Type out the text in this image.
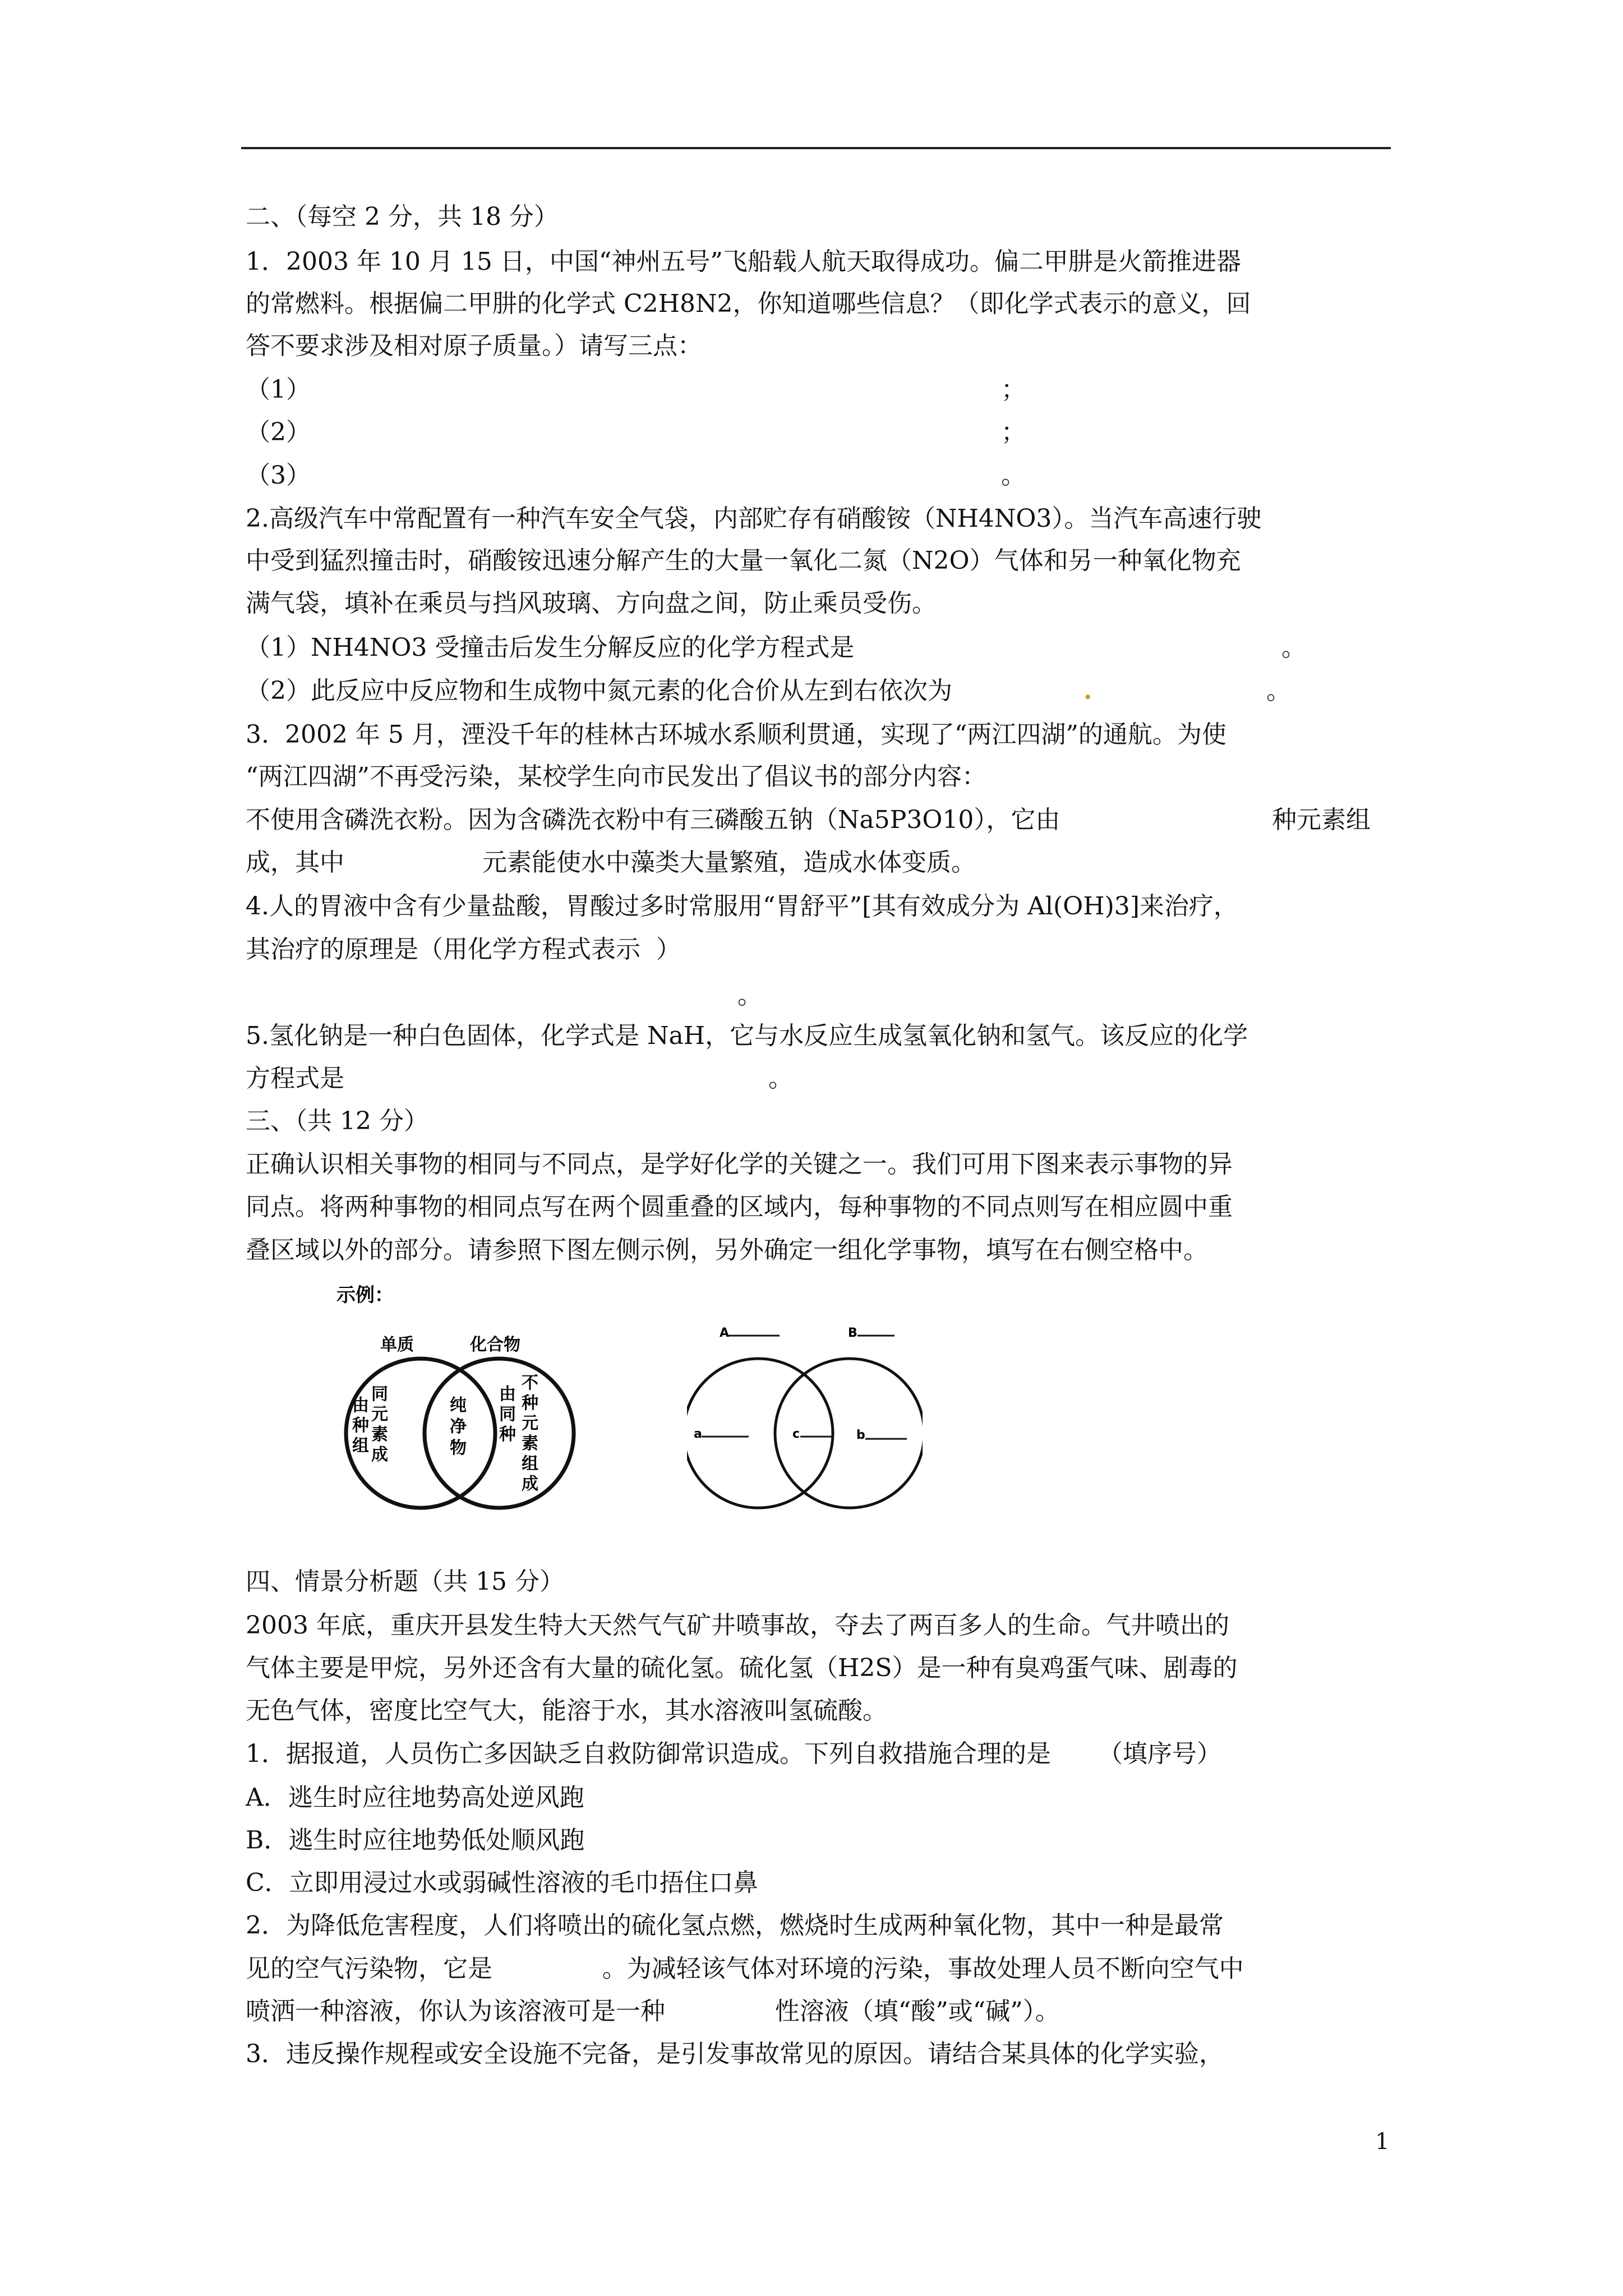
二、（每空 2 分，共 18 分）
1．2003 年 10 月 15 日，中国“神州五号”飞船载人航天取得成功。偏二甲肼是火箭推进器
的常燃料。根据偏二甲肼的化学式 C2H8N2，你知道哪些信息？（即化学式表示的意义，回
答不要求涉及相对原子质量。）请写三点：
（1）	；
（2）	；
（3）	。
2.高级汽车中常配置有一种汽车安全气袋，内部贮存有硝酸铵（NH4NO3）。当汽车高速行驶
中受到猛烈撞击时，硝酸铵迅速分解产生的大量一氧化二氮（N2O）气体和另一种氧化物充
满气袋，填补在乘员与挡风玻璃、方向盘之间，防止乘员受伤。
（1）NH4NO3 受撞击后发生分解反应的化学方程式是	。
（2）此反应中反应物和生成物中氮元素的化合价从左到右依次为	.	。
3.  2002 年 5 月，湮没千年的桂林古环城水系顺利贯通，实现了“两江四湖”的通航。为使
“两江四湖”不再受污染，某校学生向市民发出了倡议书的部分内容：
不使用含磷洗衣粉。因为含磷洗衣粉中有三磷酸五钠（Na5P3O10），它由	种元素组
成，其中	元素能使水中藻类大量繁殖，造成水体变质。
4.人的胃液中含有少量盐酸，胃酸过多时常服用“胃舒平”[其有效成分为 Al(OH)3]来治疗，
其治疗的原理是（用化学方程式表示  ）
。
5.氢化钠是一种白色固体，化学式是 NaH，它与水反应生成氢氧化钠和氢气。该反应的化学
方程式是	。
三、（共 12 分）
正确认识相关事物的相同与不同点，是学好化学的关键之一。我们可用下图来表示事物的异
同点。将两种事物的相同点写在两个圆重叠的区域内，每种事物的不同点则写在相应圆中重
叠区域以外的部分。请参照下图左侧示例，另外确定一组化学事物，填写在右侧空格中。
示例：
单质	化合物
由种组
同元素成
纯净物
由同种
不种元素组成
A	B
a	c	b
四、情景分析题（共 15 分）
2003 年底，重庆开县发生特大天然气气矿井喷事故，夺去了两百多人的生命。气井喷出的
气体主要是甲烷，另外还含有大量的硫化氢。硫化氢（H2S）是一种有臭鸡蛋气味、剧毒的
无色气体，密度比空气大，能溶于水，其水溶液叫氢硫酸。
1．据报道，人员伤亡多因缺乏自救防御常识造成。下列自救措施合理的是      （填序号）
A．逃生时应往地势高处逆风跑
B．逃生时应往地势低处顺风跑
C．立即用浸过水或弱碱性溶液的毛巾捂住口鼻
2．为降低危害程度，人们将喷出的硫化氢点燃，燃烧时生成两种氧化物，其中一种是最常
见的空气污染物，它是              。为减轻该气体对环境的污染，事故处理人员不断向空气中
喷洒一种溶液，你认为该溶液可是一种              性溶液（填“酸”或“碱”）。
3．违反操作规程或安全设施不完备，是引发事故常见的原因。请结合某具体的化学实验，
1
